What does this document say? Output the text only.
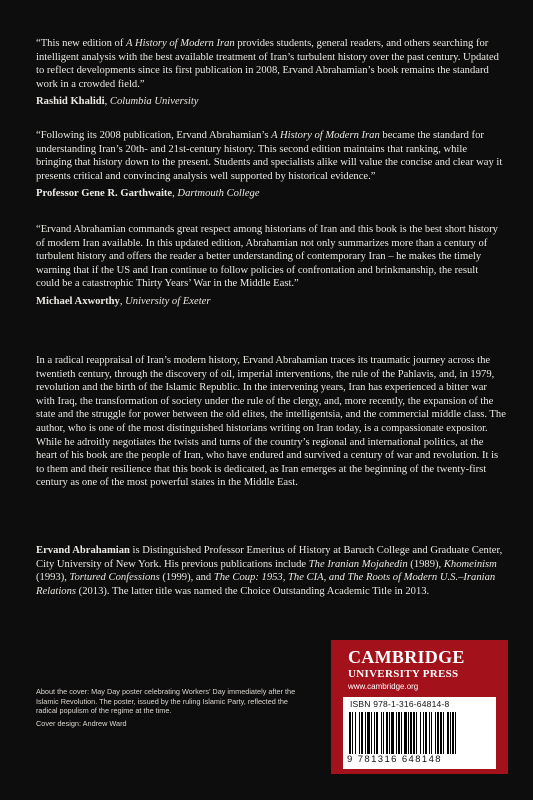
“This new edition of A History of Modern Iran provides students, general readers, and others searching for intelligent analysis with the best available treatment of Iran’s turbulent history over the past century. Updated to reflect developments since its first publication in 2008, Ervand Abrahamian’s book remains the standard work in a crowded field.”

Rashid Khalidi, Columbia University

“Following its 2008 publication, Ervand Abrahamian’s A History of Modern Iran became the standard for understanding Iran’s 20th- and 21st-century history. This second edition maintains that ranking, while bringing that history down to the present. Students and specialists alike will value the concise and clear way it presents critical and convincing analysis well supported by historical evidence.”

Professor Gene R. Garthwaite, Dartmouth College

“Ervand Abrahamian commands great respect among historians of Iran and this book is the best short history of modern Iran available. In this updated edition, Abrahamian not only summarizes more than a century of turbulent history and offers the reader a better understanding of contemporary Iran – he makes the timely warning that if the US and Iran continue to follow policies of confrontation and brinkmanship, the result could be a catastrophic Thirty Years’ War in the Middle East.”

Michael Axworthy, University of Exeter

In a radical reappraisal of Iran’s modern history, Ervand Abrahamian traces its traumatic journey across the twentieth century, through the discovery of oil, imperial interventions, the rule of the Pahlavis, and, in 1979, revolution and the birth of the Islamic Republic. In the intervening years, Iran has experienced a bitter war with Iraq, the transformation of society under the rule of the clergy, and, more recently, the expansion of the state and the struggle for power between the old elites, the intelligentsia, and the commercial middle class. The author, who is one of the most distinguished historians writing on Iran today, is a compassionate expositor. While he adroitly negotiates the twists and turns of the country’s regional and international politics, at the heart of his book are the people of Iran, who have endured and survived a century of war and revolution. It is to them and their resilience that this book is dedicated, as Iran emerges at the beginning of the twenty-first century as one of the most powerful states in the Middle East.

Ervand Abrahamian is Distinguished Professor Emeritus of History at Baruch College and Graduate Center, City University of New York. His previous publications include The Iranian Mojahedin (1989), Khomeinism (1993), Tortured Confessions (1999), and The Coup: 1953, The CIA, and The Roots of Modern U.S.–Iranian Relations (2013). The latter title was named the Choice Outstanding Academic Title in 2013.

About the cover: May Day poster celebrating Workers’ Day immediately after the Islamic Revolution. The poster, issued by the ruling Islamic Party, reflected the radical populism of the regime at the time.

Cover design: Andrew Ward

CAMBRIDGE
UNIVERSITY PRESS
www.cambridge.org
ISBN 978-1-316-64814-8
9 781316 648148
